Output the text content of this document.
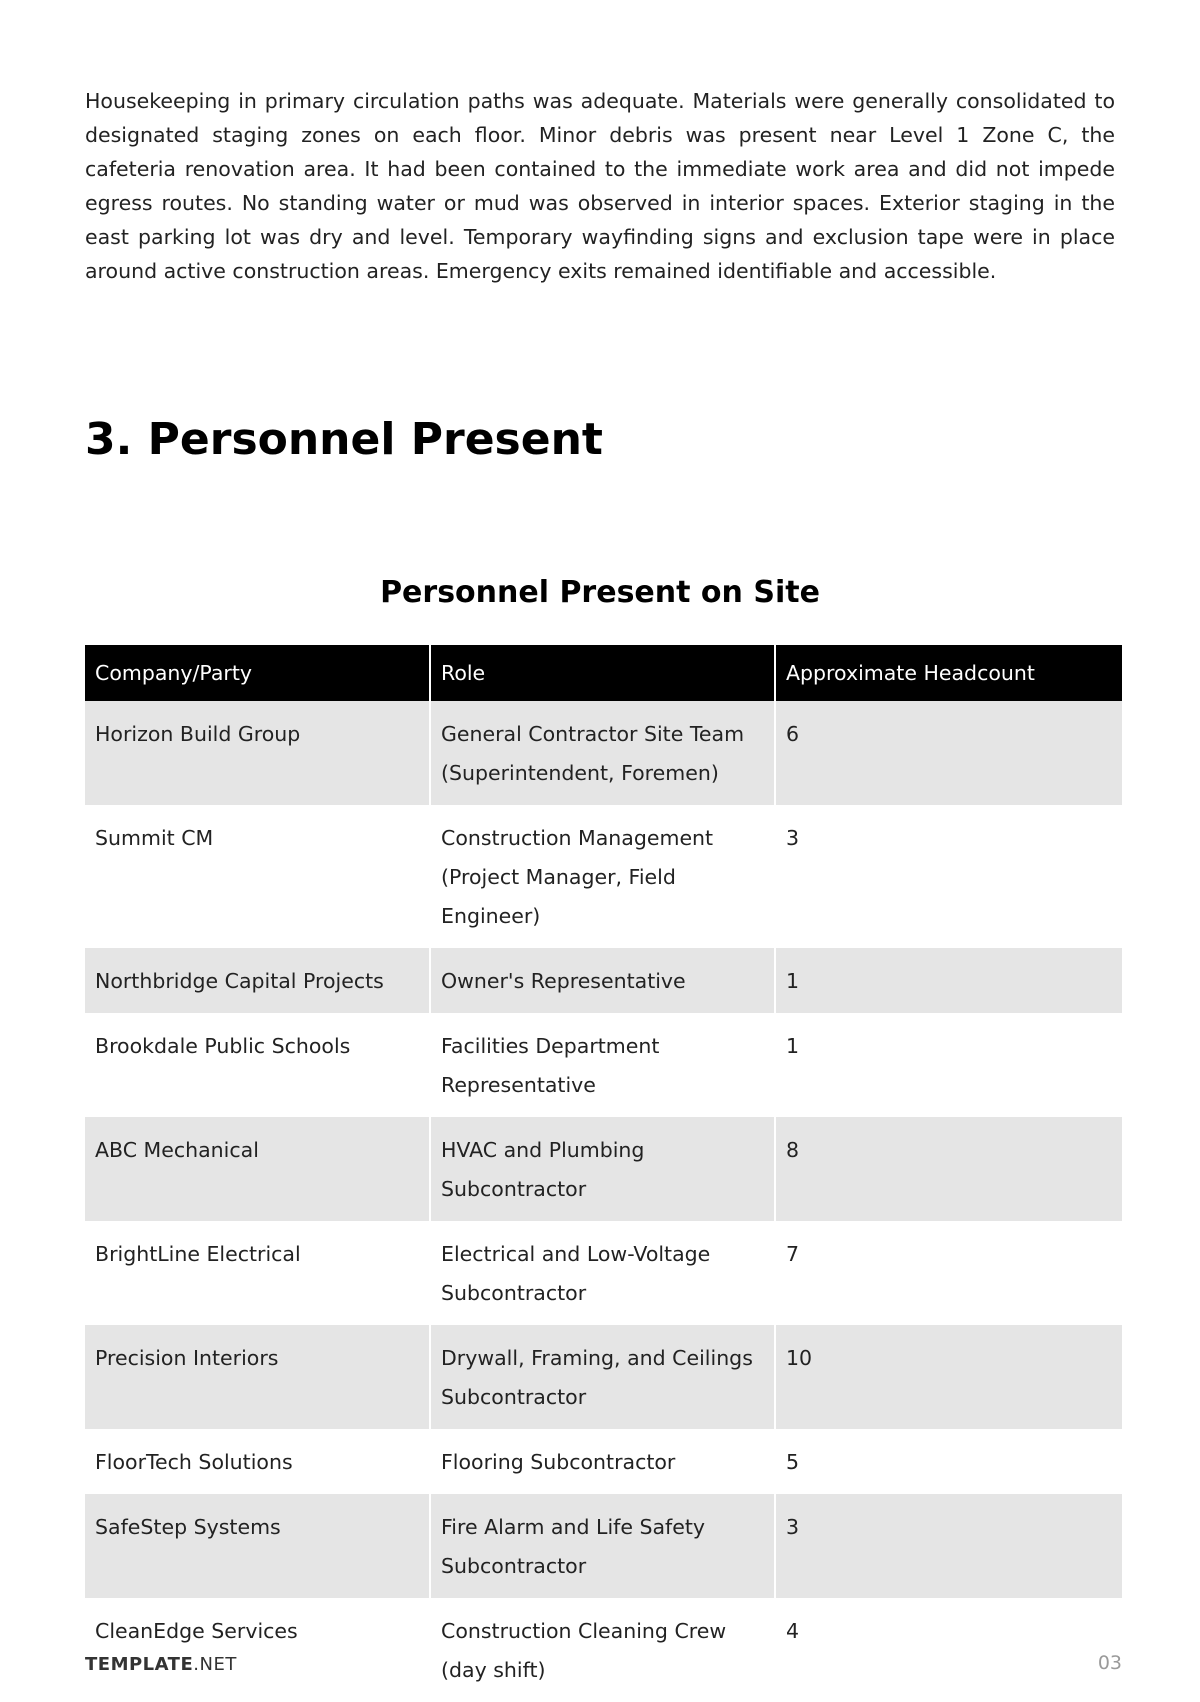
Housekeeping in primary circulation paths was adequate. Materials were generally consolidated to designated staging zones on each floor. Minor debris was present near Level 1 Zone C, the cafeteria renovation area. It had been contained to the immediate work area and did not impede egress routes. No standing water or mud was observed in interior spaces. Exterior staging in the east parking lot was dry and level. Temporary wayfinding signs and exclusion tape were in place around active construction areas. Emergency exits remained identifiable and accessible.

3. Personnel Present
Personnel Present on Site
Company/Party	Role	Approximate Headcount
Horizon Build Group	General Contractor Site Team (Superintendent, Foremen)	6
Summit CM	Construction Management (Project Manager, Field Engineer)	3
Northbridge Capital Projects	Owner's Representative	1
Brookdale Public Schools	Facilities Department Representative	1
ABC Mechanical	HVAC and Plumbing Subcontractor	8
BrightLine Electrical	Electrical and Low-Voltage Subcontractor	7
Precision Interiors	Drywall, Framing, and Ceilings Subcontractor	10
FloorTech Solutions	Flooring Subcontractor	5
SafeStep Systems	Fire Alarm and Life Safety Subcontractor	3
CleanEdge Services	Construction Cleaning Crew (day shift)	4
TEMPLATE.NET	03
